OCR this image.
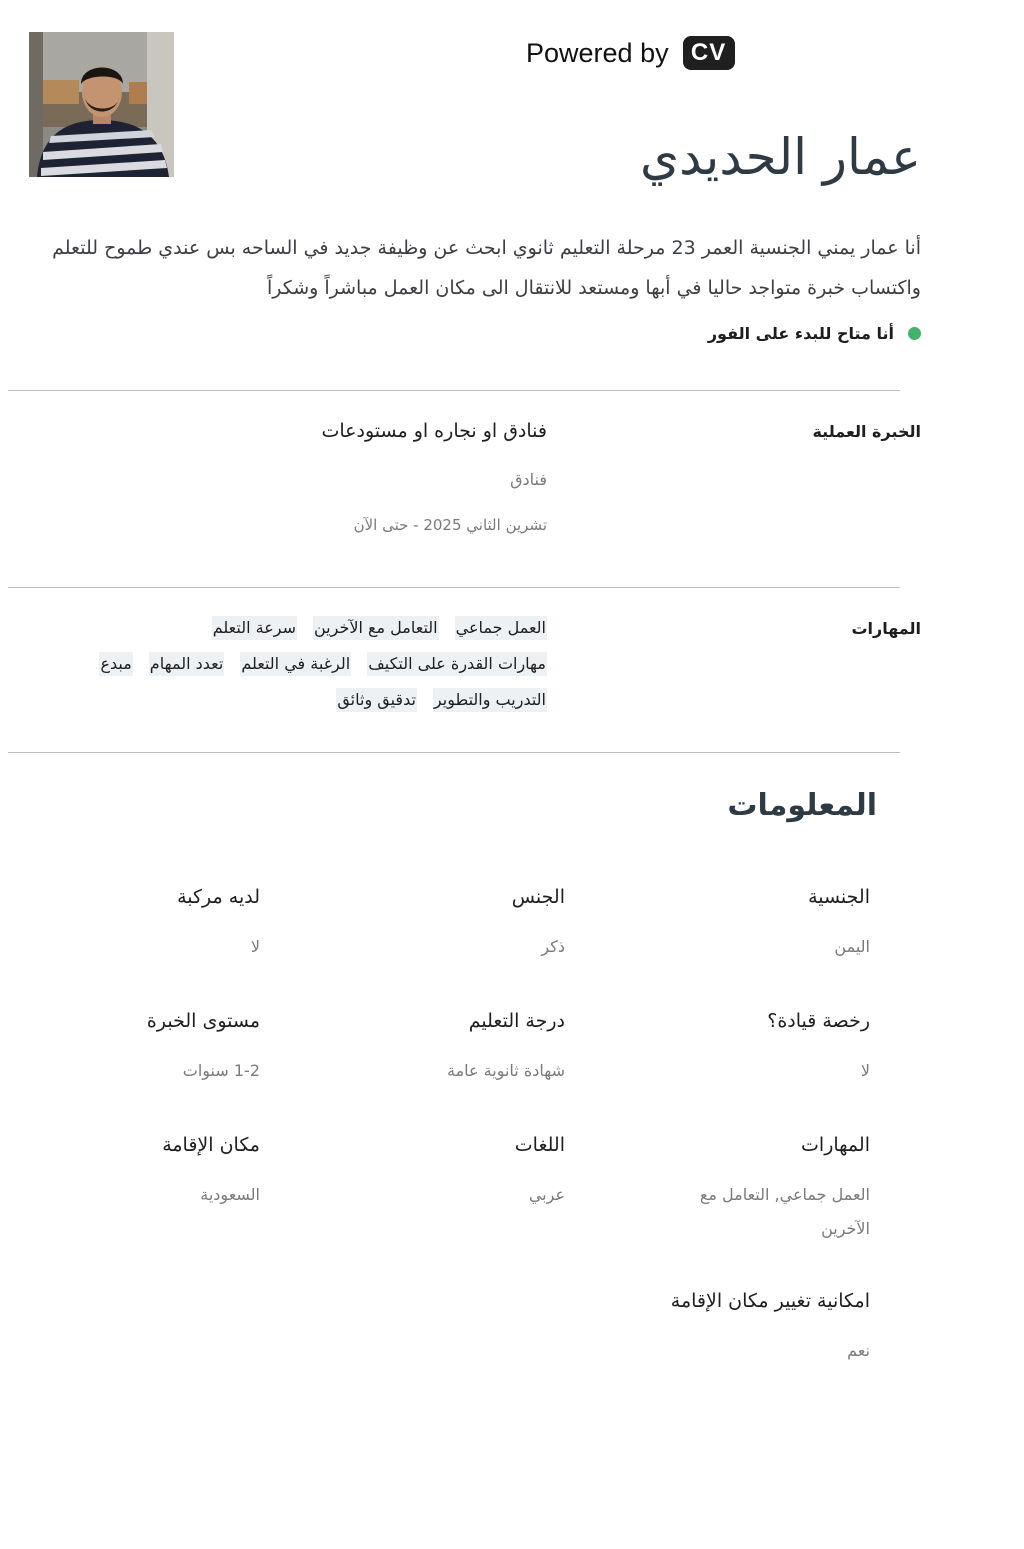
Powered by CV
عمار الحديدي
أنا عمار يمني الجنسية العمر 23 مرحلة التعليم ثانوي ابحث عن وظيفة جديد في الساحه بس عندي طموح للتعلم واكتساب خبرة متواجد حاليا في أبها ومستعد للانتقال الى مكان العمل مباشراً وشكراً
أنا متاح للبدء على الفور
الخبرة العملية
فنادق او نجاره او مستودعات
فنادق
تشرين الثاني 2025 - حتى الآن
المهارات
العمل جماعي
التعامل مع الآخرين
سرعة التعلم
مهارات القدرة على التكيف
الرغبة في التعلم
تعدد المهام
مبدع
التدريب والتطوير
تدقيق وثائق
المعلومات
الجنسية
اليمن
الجنس
ذكر
لديه مركبة
لا
رخصة قيادة؟
لا
درجة التعليم
شهادة ثانوية عامة
مستوى الخبرة
1-2 سنوات
المهارات
العمل جماعي, التعامل مع الآخرين
اللغات
عربي
مكان الإقامة
السعودية
امكانية تغيير مكان الإقامة
نعم
